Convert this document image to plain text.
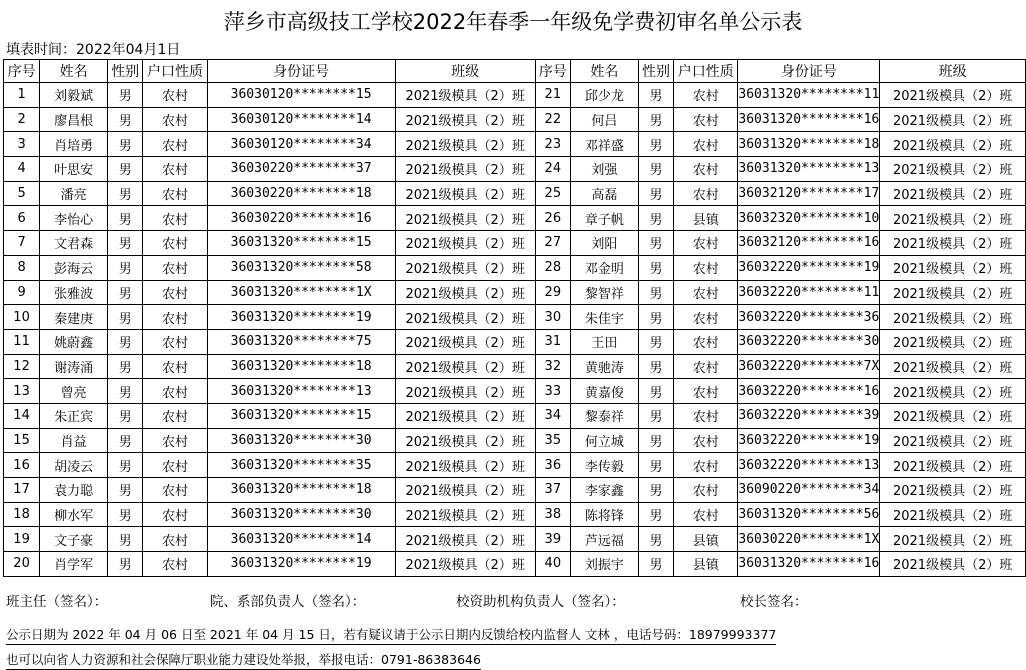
萍乡市高级技工学校2022年春季一年级免学费初审名单公示表
填表时间：2022年04月1日
序号	姓名	性别	户口性质	身份证号	班级	序号	姓名	性别	户口性质	身份证号	班级
1	刘毅斌	男	农村	36030120********15	2021级模具（2）班	21	邱少龙	男	农村	36031320********11	2021级模具（2）班
2	廖昌根	男	农村	36030120********14	2021级模具（2）班	22	何吕	男	农村	36031320********16	2021级模具（2）班
3	肖培勇	男	农村	36030120********34	2021级模具（2）班	23	邓祥盛	男	农村	36031320********18	2021级模具（2）班
4	叶思安	男	农村	36030220********37	2021级模具（2）班	24	刘强	男	农村	36031320********13	2021级模具（2）班
5	潘亮	男	农村	36030220********18	2021级模具（2）班	25	高磊	男	农村	36032120********17	2021级模具（2）班
6	李怡心	男	农村	36030220********16	2021级模具（2）班	26	章子帆	男	县镇	36032320********10	2021级模具（2）班
7	文君森	男	农村	36031320********15	2021级模具（2）班	27	刘阳	男	农村	36032120********16	2021级模具（2）班
8	彭海云	男	农村	36031320********58	2021级模具（2）班	28	邓金明	男	农村	36032220********19	2021级模具（2）班
9	张雅波	男	农村	36031320********1X	2021级模具（2）班	29	黎智祥	男	农村	36032220********11	2021级模具（2）班
10	秦建庚	男	农村	36031320********19	2021级模具（2）班	30	朱佳宇	男	农村	36032220********36	2021级模具（2）班
11	姚蔚鑫	男	农村	36031320********75	2021级模具（2）班	31	王田	男	农村	36032220********30	2021级模具（2）班
12	谢涛涌	男	农村	36031320********18	2021级模具（2）班	32	黄驰涛	男	农村	36032220********7X	2021级模具（2）班
13	曾亮	男	农村	36031320********13	2021级模具（2）班	33	黄嘉俊	男	农村	36032220********16	2021级模具（2）班
14	朱正宾	男	农村	36031320********15	2021级模具（2）班	34	黎泰祥	男	农村	36032220********39	2021级模具（2）班
15	肖益	男	农村	36031320********30	2021级模具（2）班	35	何立城	男	农村	36032220********19	2021级模具（2）班
16	胡凌云	男	农村	36031320********35	2021级模具（2）班	36	李传毅	男	农村	36032220********13	2021级模具（2）班
17	袁力聪	男	农村	36031320********18	2021级模具（2）班	37	李家鑫	男	农村	36090220********34	2021级模具（2）班
18	柳水军	男	农村	36031320********30	2021级模具（2）班	38	陈将锋	男	农村	36031320********56	2021级模具（2）班
19	文子豪	男	农村	36031320********14	2021级模具（2）班	39	芦远福	男	县镇	36030220********1X	2021级模具（2）班
20	肖学军	男	农村	36031320********19	2021级模具（2）班	40	刘振宇	男	县镇	36031320********16	2021级模具（2）班
班主任（签名）：	院、系部负责人（签名）：	校资助机构负责人（签名）：	校长签名：
公示日期为 2022 年 04 月 06 日至 2021 年 04 月 15 日，若有疑议请于公示日期内反馈给校内监督人 文林 ，电话号码：18979993377
也可以向省人力资源和社会保障厅职业能力建设处举报，举报电话：0791-86383646
